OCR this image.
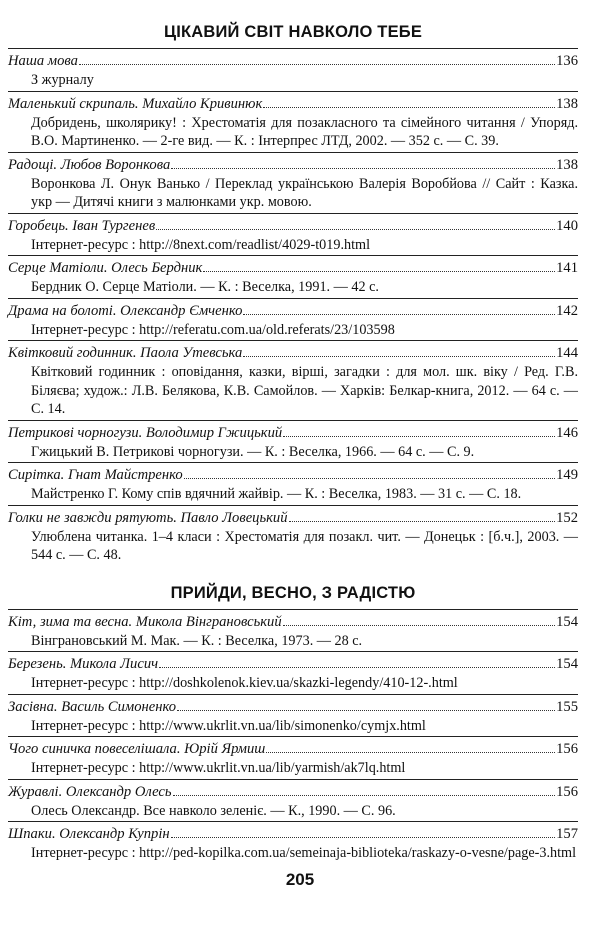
ЦІКАВИЙ СВІТ НАВКОЛО ТЕБЕ
Наша мова	136
З журналу
Маленький скрипаль. Михайло Кривинюк	138
Добридень, школярику! : Хрестоматія для позакласного та сімейного читання / Упоряд. В.О. Мартиненко. — 2-ге вид. — К. : Інтерпрес ЛТД, 2002. — 352 с. — С. 39.
Радощі. Любов Воронкова	138
Воронкова Л. Онук Ванько / Переклад українською Валерія Воробйова // Сайт : Казка. укр — Дитячі книги з малюнками укр. мовою.
Горобець. Іван Тургенев	140
Інтернет-ресурс : http://8next.com/readlist/4029-t019.html
Серце Матіоли. Олесь Бердник	141
Бердник О. Серце Матіоли. — К. : Веселка, 1991. — 42 с.
Драма на болоті. Олександр Ємченко	142
Інтернет-ресурс : http://referatu.com.ua/old.referats/23/103598
Квітковий годинник. Паола Утевська	144
Квітковий годинник : оповідання, казки, вірші, загадки : для мол. шк. віку / Ред. Г.В. Біляєва; худож.: Л.В. Белякова, К.В. Самойлов. — Харків: Белкар-книга, 2012. — 64 с. — С. 14.
Петрикові чорногузи. Володимир Гжицький	146
Гжицький В. Петрикові чорногузи. — К. : Веселка, 1966. — 64 с. — С. 9.
Сирітка. Гнат Майстренко	149
Майстренко Г. Кому спів вдячний жайвір. — К. : Веселка, 1983. — 31 с. — С. 18.
Голки не завжди рятують. Павло Ловецький	152
Улюблена читанка. 1–4 класи : Хрестоматія для позакл. чит. — Донецьк : [б.ч.], 2003. — 544 с. — С. 48.
ПРИЙДИ, ВЕСНО, З РАДІСТЮ
Кіт, зима та весна. Микола Вінграновський	154
Вінграновський М. Мак. — К. : Веселка, 1973. — 28 с.
Березень. Микола Лисич	154
Інтернет-ресурс : http://doshkolenok.kiev.ua/skazki-legendy/410-12-.html
Засівна. Василь Симоненко	155
Інтернет-ресурс : http://www.ukrlit.vn.ua/lib/simonenko/cymjx.html
Чого синичка повеселішала. Юрій Ярмиш	156
Інтернет-ресурс : http://www.ukrlit.vn.ua/lib/yarmish/ak7lq.html
Журавлі. Олександр Олесь	156
Олесь Олександр. Все навколо зеленіє. — К., 1990. — С. 96.
Шпаки. Олександр Купрін	157
Інтернет-ресурс : http://ped-kopilka.com.ua/semeinaja-biblioteka/raskazy-o-vesne/page-3.html
205
